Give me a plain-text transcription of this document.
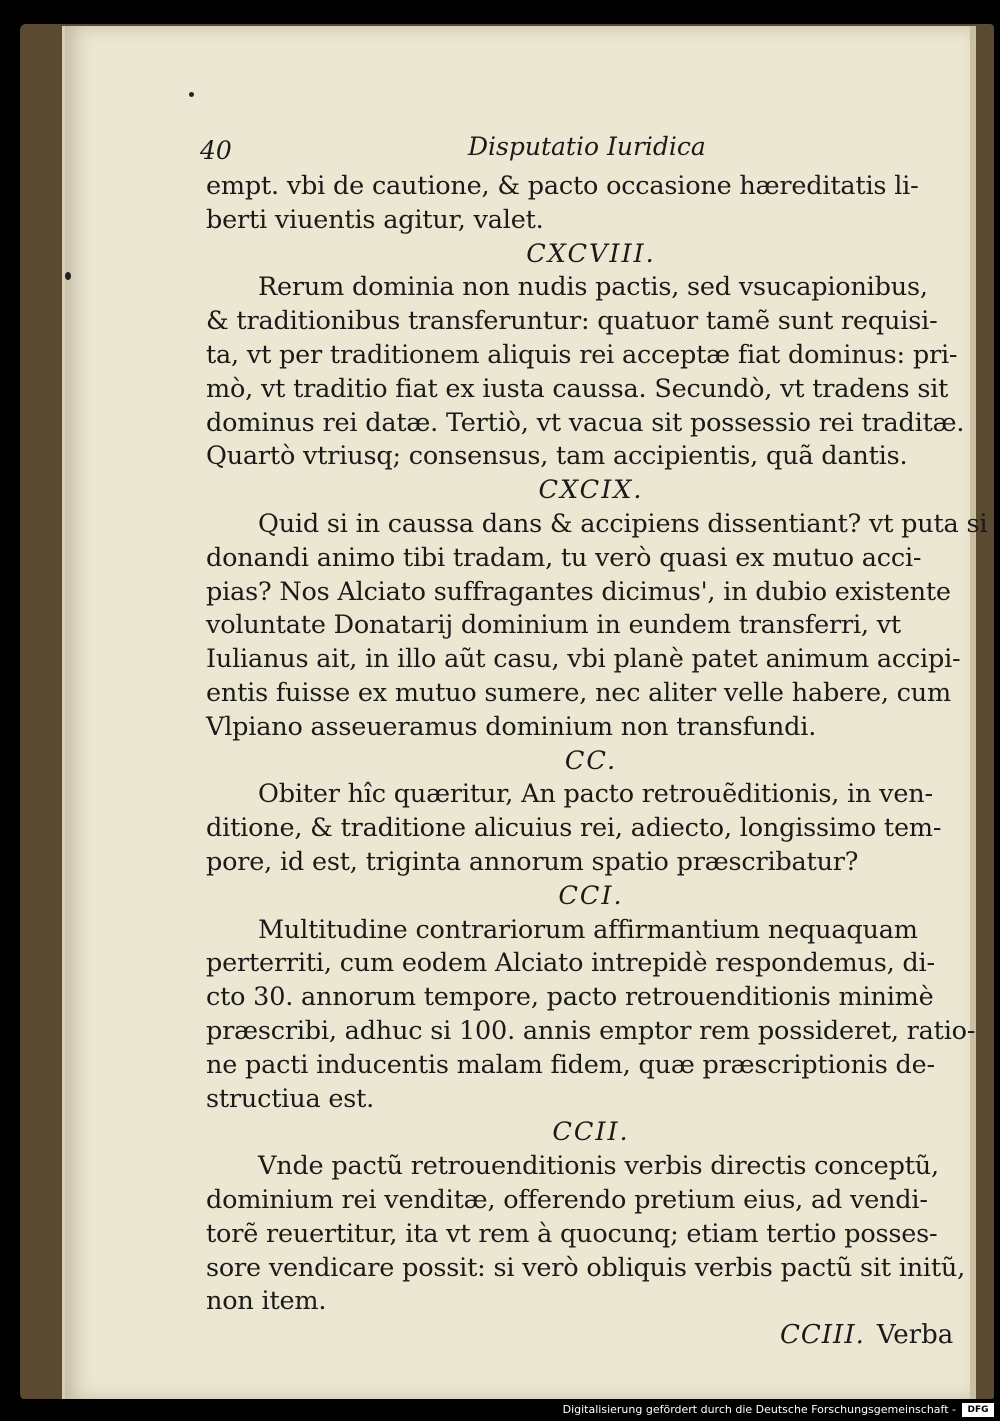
40	Disputatio Iuridica
empt. vbi de cautione, & pacto occasione hæreditatis li-
berti viuentis agitur, valet.
CXCVIII.
Rerum dominia non nudis pactis, sed vsucapionibus,
& traditionibus transferuntur: quatuor tamẽ sunt requisi-
ta, vt per traditionem aliquis rei acceptæ fiat dominus: pri-
mò, vt traditio fiat ex iusta caussa. Secundò, vt tradens sit
dominus rei datæ. Tertiò, vt vacua sit possessio rei traditæ.
Quartò vtriusq; consensus, tam accipientis, quã dantis.
CXCIX.
Quid si in caussa dans & accipiens dissentiant? vt puta si
donandi animo tibi tradam, tu verò quasi ex mutuo acci-
pias? Nos Alciato suffragantes dicimus', in dubio existente
voluntate Donatarij dominium in eundem transferri, vt
Iulianus ait, in illo aũt casu, vbi planè patet animum accipi-
entis fuisse ex mutuo sumere, nec aliter velle habere, cum
Vlpiano asseueramus dominium non transfundi.
CC.
Obiter hîc quæritur, An pacto retrouẽditionis, in ven-
ditione, & traditione alicuius rei, adiecto, longissimo tem-
pore, id est, triginta annorum spatio præscribatur?
CCI.
Multitudine contrariorum affirmantium nequaquam
perterriti, cum eodem Alciato intrepidè respondemus, di-
cto 30. annorum tempore, pacto retrouenditionis minimè
præscribi, adhuc si 100. annis emptor rem possideret, ratio-
ne pacti inducentis malam fidem, quæ præscriptionis de-
structiua est.
CCII.
Vnde pactũ retrouenditionis verbis directis conceptũ,
dominium rei venditæ, offerendo pretium eius, ad vendi-
torẽ reuertitur, ita vt rem à quocunq; etiam tertio posses-
sore vendicare possit: si verò obliquis verbis pactũ sit initũ,
non item.
CCIII. Verba
Digitalisierung gefördert durch die Deutsche Forschungsgemeinschaft -	DFG
